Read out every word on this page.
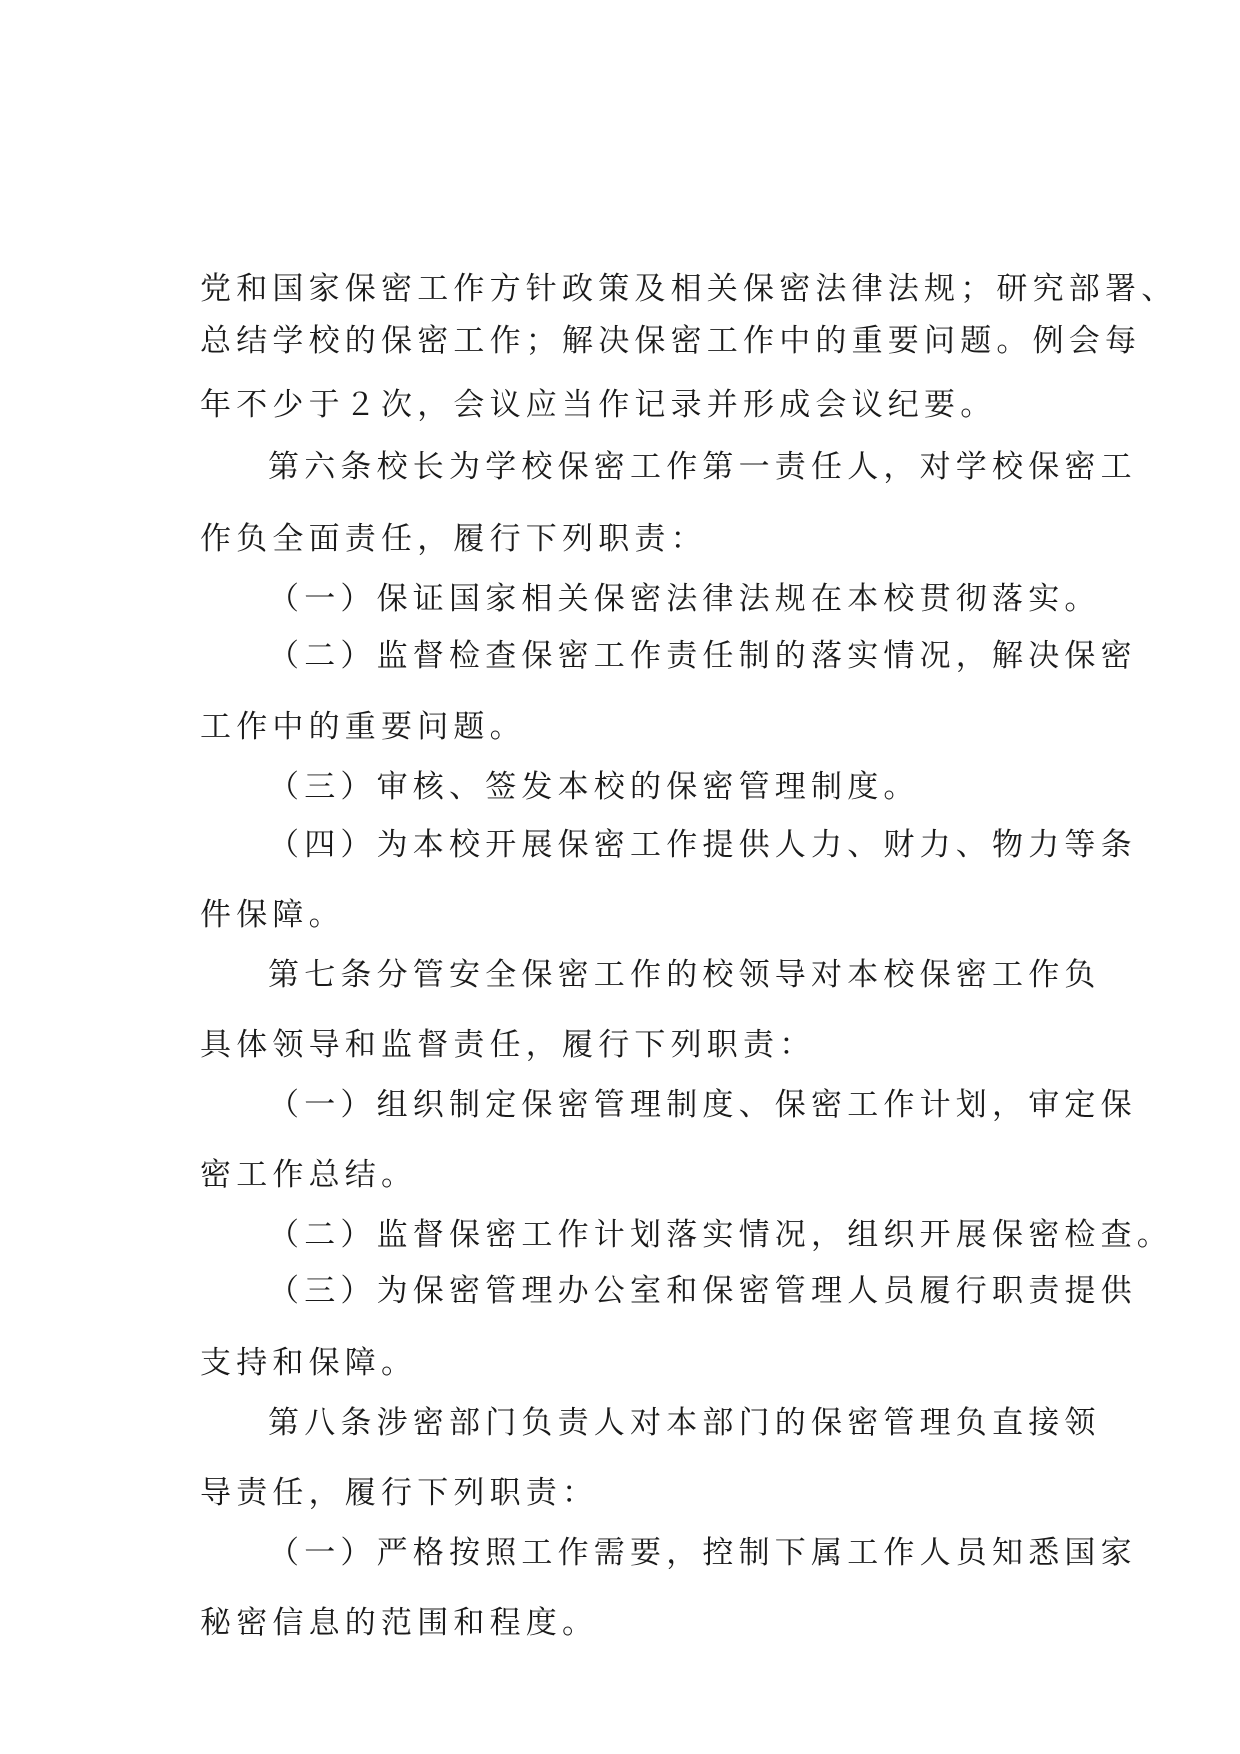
党和国家保密工作方针政策及相关保密法律法规；研究部署、

总结学校的保密工作；解决保密工作中的重要问题。例会每

年不少于２次，会议应当作记录并形成会议纪要。

第六条校长为学校保密工作第一责任人，对学校保密工

作负全面责任，履行下列职责：

（一）保证国家相关保密法律法规在本校贯彻落实。

（二）监督检查保密工作责任制的落实情况，解决保密

工作中的重要问题。

（三）审核、签发本校的保密管理制度。

（四）为本校开展保密工作提供人力、财力、物力等条

件保障。

第七条分管安全保密工作的校领导对本校保密工作负

具体领导和监督责任，履行下列职责：

（一）组织制定保密管理制度、保密工作计划，审定保

密工作总结。

（二）监督保密工作计划落实情况，组织开展保密检查。

（三）为保密管理办公室和保密管理人员履行职责提供

支持和保障。

第八条涉密部门负责人对本部门的保密管理负直接领

导责任，履行下列职责：

（一）严格按照工作需要，控制下属工作人员知悉国家

秘密信息的范围和程度。
